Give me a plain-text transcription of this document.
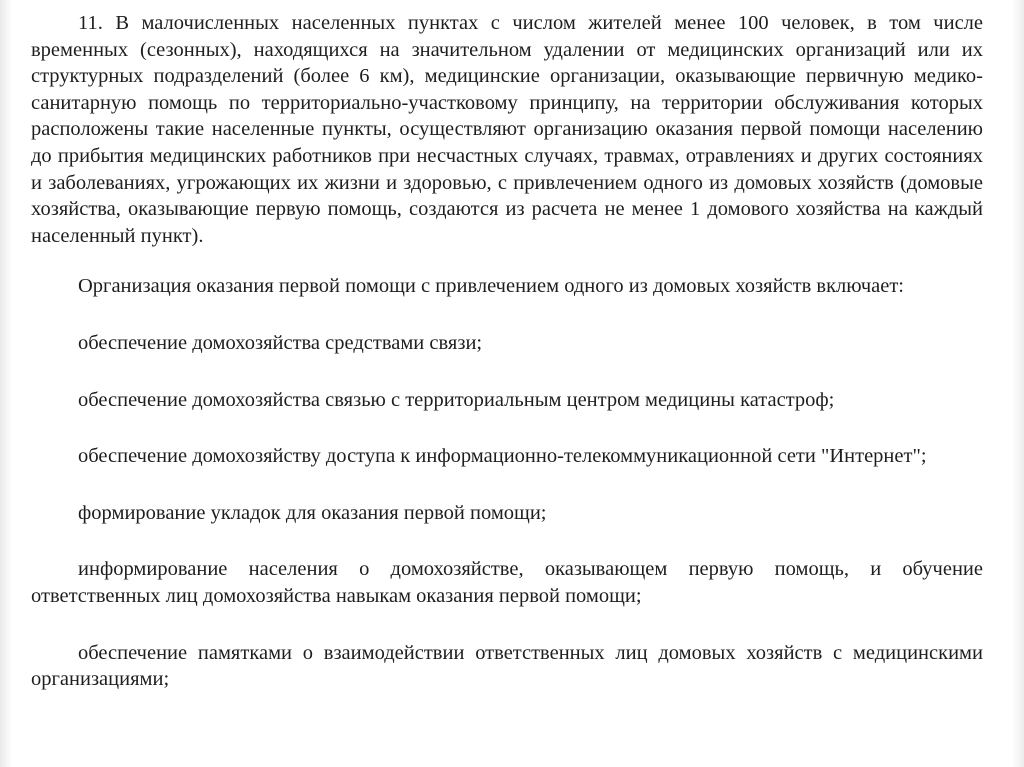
11. В малочисленных населенных пунктах с числом жителей менее 100 человек, в том числе временных (сезонных), находящихся на значительном удалении от медицинских организаций или их структурных подразделений (более 6 км), медицинские организации, оказывающие первичную медико-санитарную помощь по территориально-участковому принципу, на территории обслуживания которых расположены такие населенные пункты, осуществляют организацию оказания первой помощи населению до прибытия медицинских работников при несчастных случаях, травмах, отравлениях и других состояниях и заболеваниях, угрожающих их жизни и здоровью, с привлечением одного из домовых хозяйств (домовые хозяйства, оказывающие первую помощь, создаются из расчета не менее 1 домового хозяйства на каждый населенный пункт).

Организация оказания первой помощи с привлечением одного из домовых хозяйств включает:

обеспечение домохозяйства средствами связи;

обеспечение домохозяйства связью с территориальным центром медицины катастроф;

обеспечение домохозяйству доступа к информационно-телекоммуникационной сети "Интернет";

формирование укладок для оказания первой помощи;

информирование населения о домохозяйстве, оказывающем первую помощь, и обучение ответственных лиц домохозяйства навыкам оказания первой помощи;

обеспечение памятками о взаимодействии ответственных лиц домовых хозяйств с медицинскими организациями;
